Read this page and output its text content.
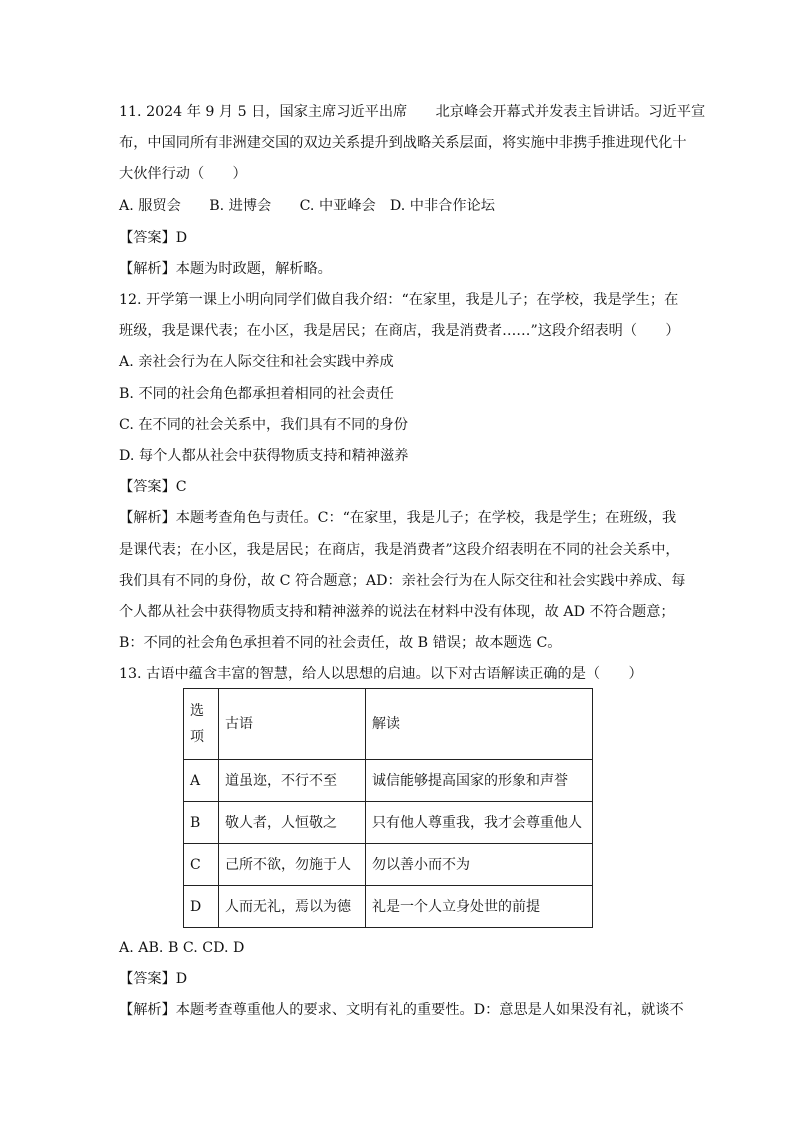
11. 2024 年 9 月 5 日，国家主席习近平出席　　北京峰会开幕式并发表主旨讲话。习近平宣
布，中国同所有非洲建交国的双边关系提升到战略关系层面，将实施中非携手推进现代化十
大伙伴行动（　　）
A. 服贸会　　B. 进博会　　C. 中亚峰会　D. 中非合作论坛
【答案】D
【解析】本题为时政题，解析略。
12. 开学第一课上小明向同学们做自我介绍：“在家里，我是儿子；在学校，我是学生；在
班级，我是课代表；在小区，我是居民；在商店，我是消费者……”这段介绍表明（　　）
A. 亲社会行为在人际交往和社会实践中养成
B. 不同的社会角色都承担着相同的社会责任
C. 在不同的社会关系中，我们具有不同的身份
D. 每个人都从社会中获得物质支持和精神滋养
【答案】C
【解析】本题考查角色与责任。C：“在家里，我是儿子；在学校，我是学生；在班级，我
是课代表；在小区，我是居民；在商店，我是消费者”这段介绍表明在不同的社会关系中，
我们具有不同的身份，故 C 符合题意；AD：亲社会行为在人际交往和社会实践中养成、每
个人都从社会中获得物质支持和精神滋养的说法在材料中没有体现，故 AD 不符合题意；
B：不同的社会角色承担着不同的社会责任，故 B 错误；故本题选 C。
13. 古语中蕴含丰富的智慧，给人以思想的启迪。以下对古语解读正确的是（　　）
选
项	古语	解读
A	道虽迩，不行不至	诚信能够提高国家的形象和声誉
B	敬人者，人恒敬之	只有他人尊重我，我才会尊重他人
C	己所不欲，勿施于人	勿以善小而不为
D	人而无礼，焉以为德	礼是一个人立身处世的前提
A. AB. B C. CD. D
【答案】D
【解析】本题考查尊重他人的要求、文明有礼的重要性。D：意思是人如果没有礼，就谈不
